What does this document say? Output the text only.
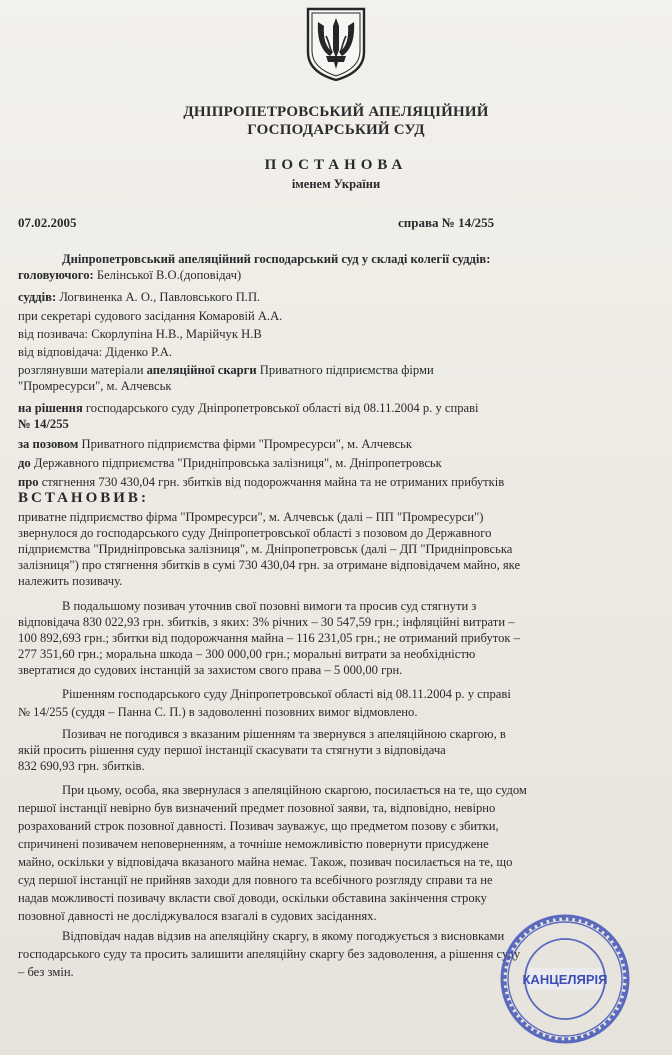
ДНІПРОПЕТРОВСЬКИЙ АПЕЛЯЦІЙНИЙ
ГОСПОДАРСЬКИЙ СУД
ПОСТАНОВА
іменем України
07.02.2005	справа № 14/255
Дніпропетровський апеляційний господарський суд у складі колегії суддів:
головуючого: Белінської В.О.(доповідач)
суддів: Логвиненка А. О., Павловського П.П.
при секретарі судового засідання Комаровій А.А.
від позивача: Скорлупіна Н.В., Марійчук Н.В
від відповідача: Діденко Р.А.
розглянувши матеріали апеляційної скарги Приватного підприємства фірми
"Промресурси", м. Алчевськ
на рішення господарського суду Дніпропетровської області від 08.11.2004 р. у справі
№ 14/255
за позовом Приватного підприємства фірми "Промресурси", м. Алчевськ
до Державного підприємства "Придніпровська залізниця", м. Дніпропетровськ
про стягнення 730 430,04 грн. збитків від подорожчання майна та не отриманих прибутків
ВСТАНОВИВ:
приватне підприємство фірма "Промресурси", м. Алчевськ (далі – ПП "Промресурси")
звернулося до господарського суду Дніпропетровської області з позовом до Державного
підприємства "Придніпровська залізниця", м. Дніпропетровськ (далі – ДП "Придніпровська
залізниця") про стягнення збитків в сумі 730 430,04 грн. за отримане відповідачем майно, яке
належить позивачу.
В подальшому позивач уточнив свої позовні вимоги та просив суд стягнути з
відповідача 830 022,93 грн. збитків, з яких: 3% річних – 30 547,59 грн.; інфляційні витрати –
100 892,693 грн.; збитки від подорожчання майна – 116 231,05 грн.; не отриманий прибуток –
277 351,60 грн.; моральна шкода – 300 000,00 грн.; моральні витрати за необхідністю
звертатися до судових інстанцій за захистом свого права – 5 000,00 грн.
Рішенням господарського суду Дніпропетровської області від 08.11.2004 р. у справі
№ 14/255 (суддя – Панна С. П.) в задоволенні позовних вимог відмовлено.
Позивач не погодився з вказаним рішенням та звернувся з апеляційною скаргою, в
якій просить рішення суду першої інстанції скасувати та стягнути з відповідача
832 690,93 грн. збитків.
При цьому, особа, яка звернулася з апеляційною скаргою, посилається на те, що судом
першої інстанції невірно був визначений предмет позовної заяви, та, відповідно, невірно
розрахований строк позовної давності. Позивач зауважує, що предметом позову є збитки,
спричинені позивачем неповерненням, а точніше неможливістю повернути присуджене
майно, оскільки у відповідача вказаного майна немає. Також, позивач посилається на те, що
суд першої інстанції не прийняв заходи для повного та всебічного розгляду справи та не
надав можливості позивачу вкласти свої доводи, оскільки обставина закінчення строку
позовної давності не досліджувалося взагалі в судових засіданнях.
Відповідач надав відзив на апеляційну скаргу, в якому погоджується з висновками
господарського суду та просить залишити апеляційну скаргу без задоволення, а рішення суду
– без змін.	КАНЦЕЛЯРІЯ
